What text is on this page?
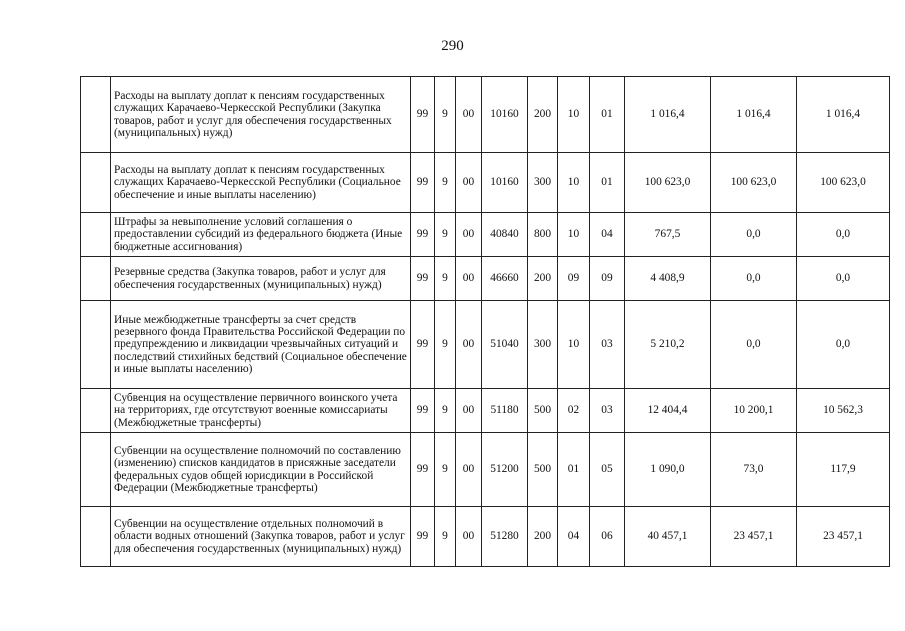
290
	Расходы на выплату доплат к пенсиям государственных служащих Карачаево-Черкесской Республики (Закупка товаров, работ и услуг для обеспечения государственных (муниципальных) нужд)	99	9	00	10160	200	10	01	1 016,4	1 016,4	1 016,4
	Расходы на выплату доплат к пенсиям государственных служащих Карачаево-Черкесской Республики (Социальное обеспечение и иные выплаты населению)	99	9	00	10160	300	10	01	100 623,0	100 623,0	100 623,0
	Штрафы за невыполнение условий соглашения о предоставлении субсидий из федерального бюджета (Иные бюджетные ассигнования)	99	9	00	40840	800	10	04	767,5	0,0	0,0
	Резервные средства (Закупка товаров, работ и услуг для обеспечения государственных (муниципальных) нужд)	99	9	00	46660	200	09	09	4 408,9	0,0	0,0
	Иные межбюджетные трансферты за счет средств резервного фонда Правительства Российской Федерации по предупреждению и ликвидации чрезвычайных ситуаций и последствий стихийных бедствий (Социальное обеспечение и иные выплаты населению)	99	9	00	51040	300	10	03	5 210,2	0,0	0,0
	Субвенция на осуществление первичного воинского учета на территориях, где отсутствуют военные комиссариаты (Межбюджетные трансферты)	99	9	00	51180	500	02	03	12 404,4	10 200,1	10 562,3
	Субвенции на осуществление полномочий по составлению (изменению) списков кандидатов в присяжные заседатели федеральных судов общей юрисдикции в Российской Федерации (Межбюджетные трансферты)	99	9	00	51200	500	01	05	1 090,0	73,0	117,9
	Субвенции на осуществление отдельных полномочий в области водных отношений (Закупка товаров, работ и услуг для обеспечения государственных (муниципальных) нужд)	99	9	00	51280	200	04	06	40 457,1	23 457,1	23 457,1
